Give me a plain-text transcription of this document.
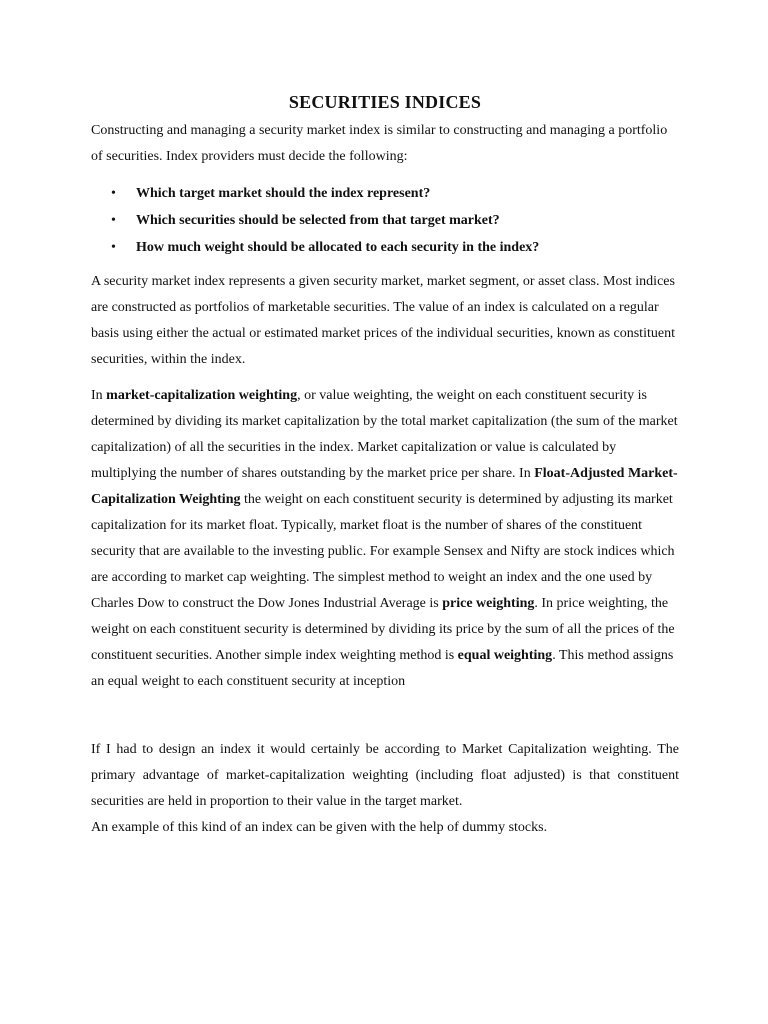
SECURITIES INDICES

Constructing and managing a security market index is similar to constructing and managing a portfolio of securities. Index providers must decide the following:

• Which target market should the index represent?
• Which securities should be selected from that target market?
• How much weight should be allocated to each security in the index?

A security market index represents a given security market, market segment, or asset class. Most indices are constructed as portfolios of marketable securities. The value of an index is calculated on a regular basis using either the actual or estimated market prices of the individual securities, known as constituent securities, within the index.

In market-capitalization weighting, or value weighting, the weight on each constituent security is determined by dividing its market capitalization by the total market capitalization (the sum of the market capitalization) of all the securities in the index. Market capitalization or value is calculated by multiplying the number of shares outstanding by the market price per share. In Float-Adjusted Market-Capitalization Weighting the weight on each constituent security is determined by adjusting its market capitalization for its market float. Typically, market float is the number of shares of the constituent security that are available to the investing public. For example Sensex and Nifty are stock indices which are according to market cap weighting. The simplest method to weight an index and the one used by Charles Dow to construct the Dow Jones Industrial Average is price weighting. In price weighting, the weight on each constituent security is determined by dividing its price by the sum of all the prices of the constituent securities. Another simple index weighting method is equal weighting. This method assigns an equal weight to each constituent security at inception

If I had to design an index it would certainly be according to Market Capitalization weighting. The primary advantage of market-capitalization weighting (including float adjusted) is that constituent securities are held in proportion to their value in the target market.

An example of this kind of an index can be given with the help of dummy stocks.
